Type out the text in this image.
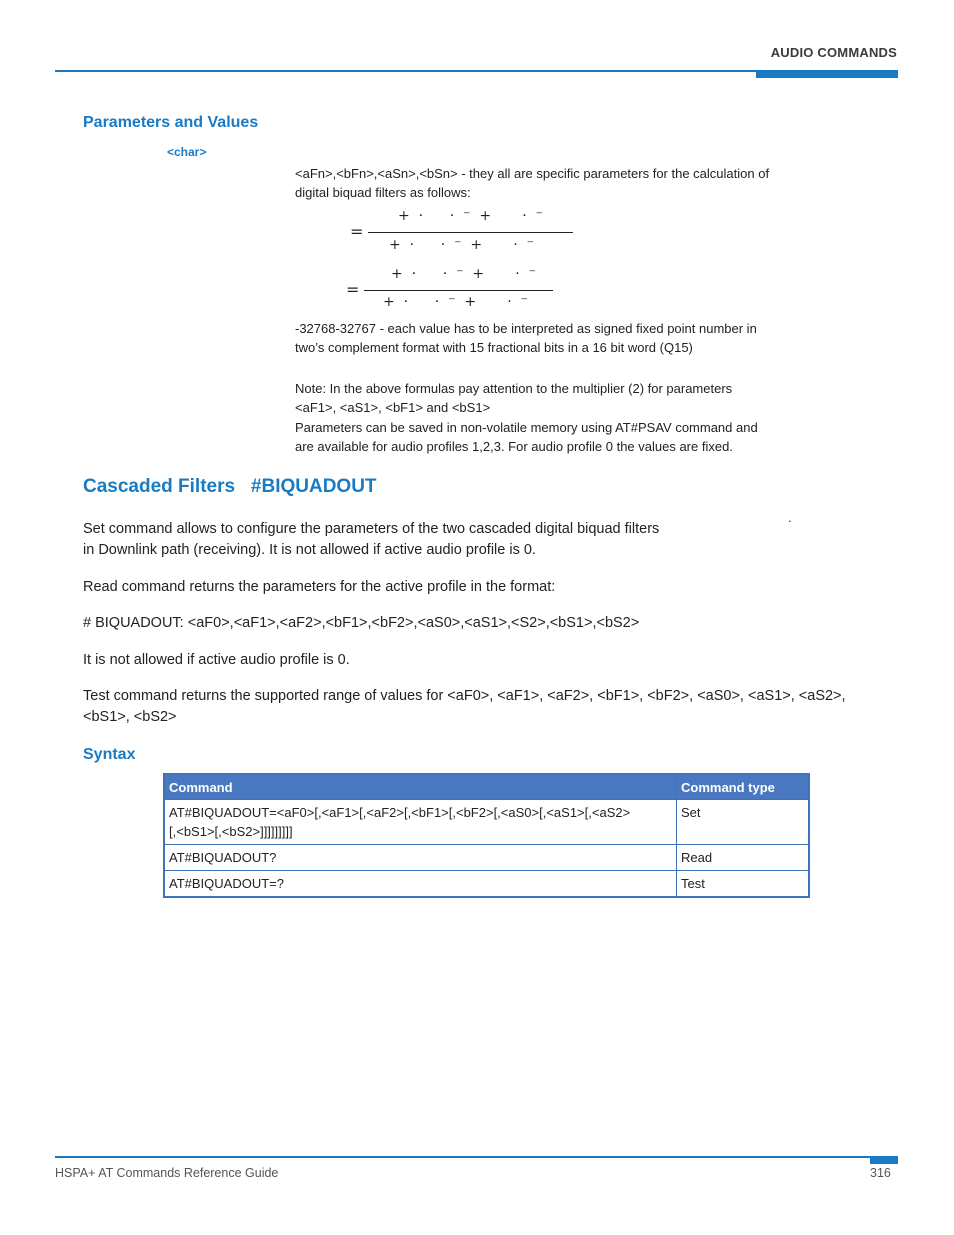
AUDIO COMMANDS
Parameters and Values
<char>
<aFn>,<bFn>,<aSn>,<bSn> - they all are specific parameters for the calculation of
digital biquad filters as follows:
=
+  ·      ·  ⁻  +       ·  ⁻
+  ·      ·  ⁻  +       ·  ⁻
=
+  ·      ·  ⁻  +       ·  ⁻
+  ·      ·  ⁻  +       ·  ⁻
-32768-32767 - each value has to be interpreted as signed fixed point number in
two’s complement format with 15 fractional bits in a 16 bit word (Q15)
Note: In the above formulas pay attention to the multiplier (2) for parameters
<aF1>, <aS1>, <bF1> and <bS1>
Parameters can be saved in non-volatile memory using AT#PSAV command and
are available for audio profiles 1,2,3. For audio profile 0 the values are fixed.
Cascaded Filters   #BIQUADOUT
.
Set command allows to configure the parameters of the two cascaded digital biquad filters
in Downlink path (receiving). It is not allowed if active audio profile is 0.
Read command returns the parameters for the active profile in the format:
# BIQUADOUT: <aF0>,<aF1>,<aF2>,<bF1>,<bF2>,<aS0>,<aS1>,<S2>,<bS1>,<bS2>
It is not allowed if active audio profile is 0.
Test command returns the supported range of values for <aF0>, <aF1>, <aF2>, <bF1>, <bF2>, <aS0>, <aS1>, <aS2>,
<bS1>, <bS2>
Syntax
Command	Command type

AT#BIQUADOUT=<aF0>[,<aF1>[,<aF2>[,<bF1>[,<bF2>[,<aS0>[,<aS1>[,<aS2>
[,<bS1>[,<bS2>]]]]]]]]]	Set

AT#BIQUADOUT?	Read

AT#BIQUADOUT=?	Test
HSPA+ AT Commands Reference Guide	316
